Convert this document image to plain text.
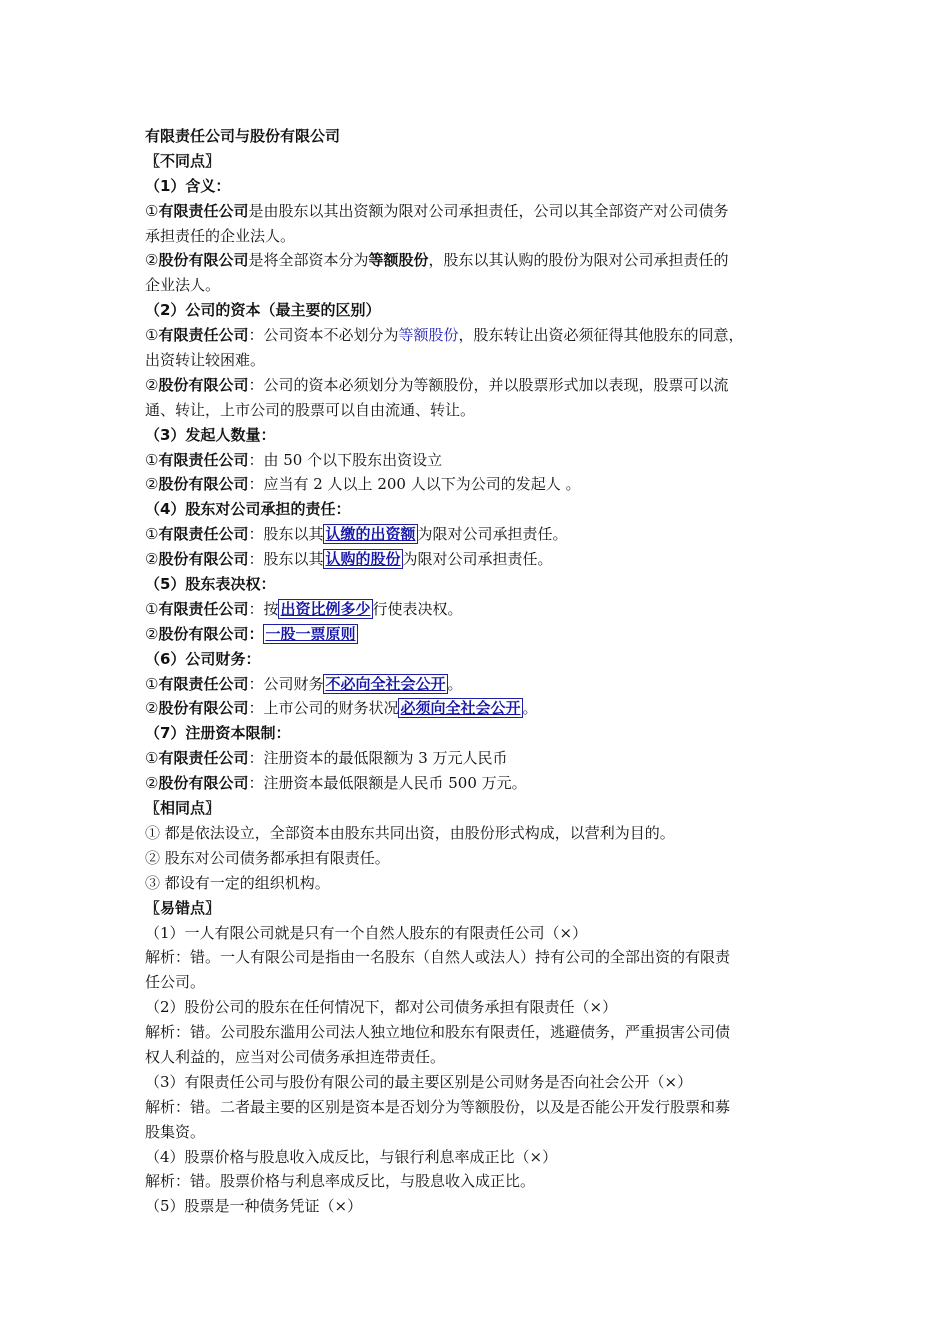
有限责任公司与股份有限公司
〖不同点〗
（1）含义：
①有限责任公司是由股东以其出资额为限对公司承担责任，公司以其全部资产对公司债务
承担责任的企业法人。
②股份有限公司是将全部资本分为等额股份，股东以其认购的股份为限对公司承担责任的
企业法人。
（2）公司的资本（最主要的区别）
①有限责任公司：公司资本不必划分为等额股份，股东转让出资必须征得其他股东的同意，
出资转让较困难。
②股份有限公司：公司的资本必须划分为等额股份，并以股票形式加以表现，股票可以流
通、转让，上市公司的股票可以自由流通、转让。
（3）发起人数量：
①有限责任公司：由 50 个以下股东出资设立
②股份有限公司：应当有 2 人以上 200 人以下为公司的发起人 。
（4）股东对公司承担的责任：
①有限责任公司：股东以其 认缴的出资额 为限对公司承担责任。
②股份有限公司：股东以其 认购的股份 为限对公司承担责任。
（5）股东表决权：
①有限责任公司：按 出资比例多少 行使表决权。
②股份有限公司： 一股一票原则
（6）公司财务：
①有限责任公司：公司财务 不必向全社会公开 。
②股份有限公司：上市公司的财务状况 必须向全社会公开 。
（7）注册资本限制：
①有限责任公司：注册资本的最低限额为 3 万元人民币
②股份有限公司：注册资本最低限额是人民币 500 万元。
〖相同点〗
① 都是依法设立，全部资本由股东共同出资，由股份形式构成，以营利为目的。
② 股东对公司债务都承担有限责任。
③ 都设有一定的组织机构。
〖易错点〗
（1）一人有限公司就是只有一个自然人股东的有限责任公司（×）
解析：错。一人有限公司是指由一名股东（自然人或法人）持有公司的全部出资的有限责
任公司。
（2）股份公司的股东在任何情况下，都对公司债务承担有限责任（×）
解析：错。公司股东滥用公司法人独立地位和股东有限责任，逃避债务，严重损害公司债
权人利益的，应当对公司债务承担连带责任。
（3）有限责任公司与股份有限公司的最主要区别是公司财务是否向社会公开（×）
解析：错。二者最主要的区别是资本是否划分为等额股份，以及是否能公开发行股票和募
股集资。
（4）股票价格与股息收入成反比，与银行利息率成正比（×）
解析：错。股票价格与利息率成反比，与股息收入成正比。
（5）股票是一种债务凭证（×）
